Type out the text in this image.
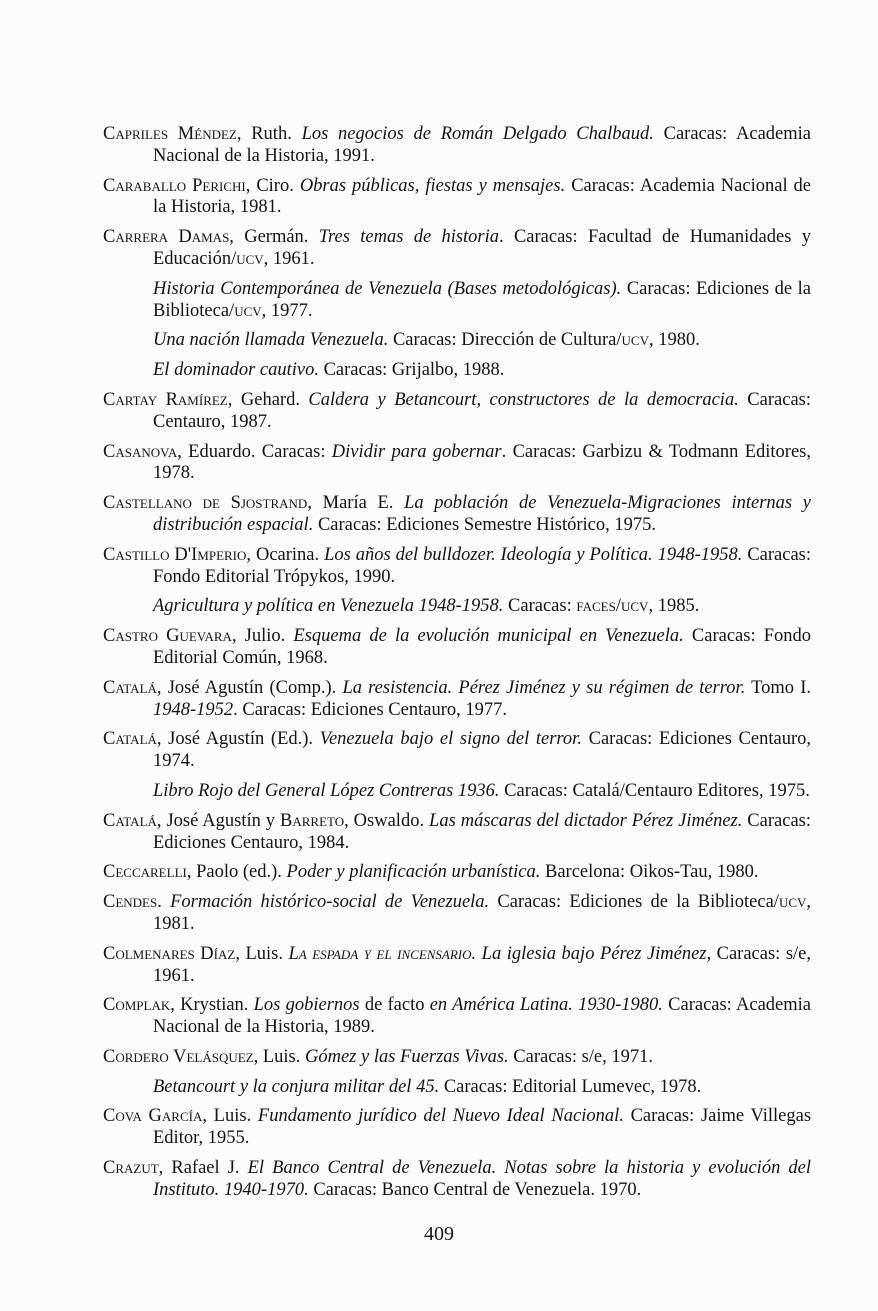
Capriles Méndez, Ruth. Los negocios de Román Delgado Chalbaud. Caracas: Academia Nacional de la Historia, 1991.

Caraballo Perichi, Ciro. Obras públicas, fiestas y mensajes. Caracas: Academia Nacional de la Historia, 1981.

Carrera Damas, Germán. Tres temas de historia. Caracas: Facultad de Humanidades y Educación/ucv, 1961.

Historia Contemporánea de Venezuela (Bases metodológicas). Caracas: Ediciones de la Biblioteca/ucv, 1977.

Una nación llamada Venezuela. Caracas: Dirección de Cultura/ucv, 1980.

El dominador cautivo. Caracas: Grijalbo, 1988.

Cartay Ramírez, Gehard. Caldera y Betancourt, constructores de la democracia. Caracas: Centauro, 1987.

Casanova, Eduardo. Caracas: Dividir para gobernar. Caracas: Garbizu & Todmann Editores, 1978.

Castellano de Sjostrand, María E. La población de Venezuela-Migraciones internas y distribución espacial. Caracas: Ediciones Semestre Histórico, 1975.

Castillo D'Imperio, Ocarina. Los años del bulldozer. Ideología y Política. 1948-1958. Caracas: Fondo Editorial Trópykos, 1990.

Agricultura y política en Venezuela 1948-1958. Caracas: faces/ucv, 1985.

Castro Guevara, Julio. Esquema de la evolución municipal en Venezuela. Caracas: Fondo Editorial Común, 1968.

Catalá, José Agustín (Comp.). La resistencia. Pérez Jiménez y su régimen de terror. Tomo I. 1948-1952. Caracas: Ediciones Centauro, 1977.

Catalá, José Agustín (Ed.). Venezuela bajo el signo del terror. Caracas: Ediciones Centauro, 1974.

Libro Rojo del General López Contreras 1936. Caracas: Catalá/Centauro Editores, 1975.

Catalá, José Agustín y Barreto, Oswaldo. Las máscaras del dictador Pérez Jiménez. Caracas: Ediciones Centauro, 1984.

Ceccarelli, Paolo (ed.). Poder y planificación urbanística. Barcelona: Oikos-Tau, 1980.

Cendes. Formación histórico-social de Venezuela. Caracas: Ediciones de la Biblioteca/ucv, 1981.

Colmenares Díaz, Luis. La espada y el incensario. La iglesia bajo Pérez Jiménez, Caracas: s/e, 1961.

Complak, Krystian. Los gobiernos de facto en América Latina. 1930-1980. Caracas: Academia Nacional de la Historia, 1989.

Cordero Velásquez, Luis. Gómez y las Fuerzas Vivas. Caracas: s/e, 1971.

Betancourt y la conjura militar del 45. Caracas: Editorial Lumevec, 1978.

Cova García, Luis. Fundamento jurídico del Nuevo Ideal Nacional. Caracas: Jaime Villegas Editor, 1955.

Crazut, Rafael J. El Banco Central de Venezuela. Notas sobre la historia y evolución del Instituto. 1940-1970. Caracas: Banco Central de Venezuela. 1970.

409
